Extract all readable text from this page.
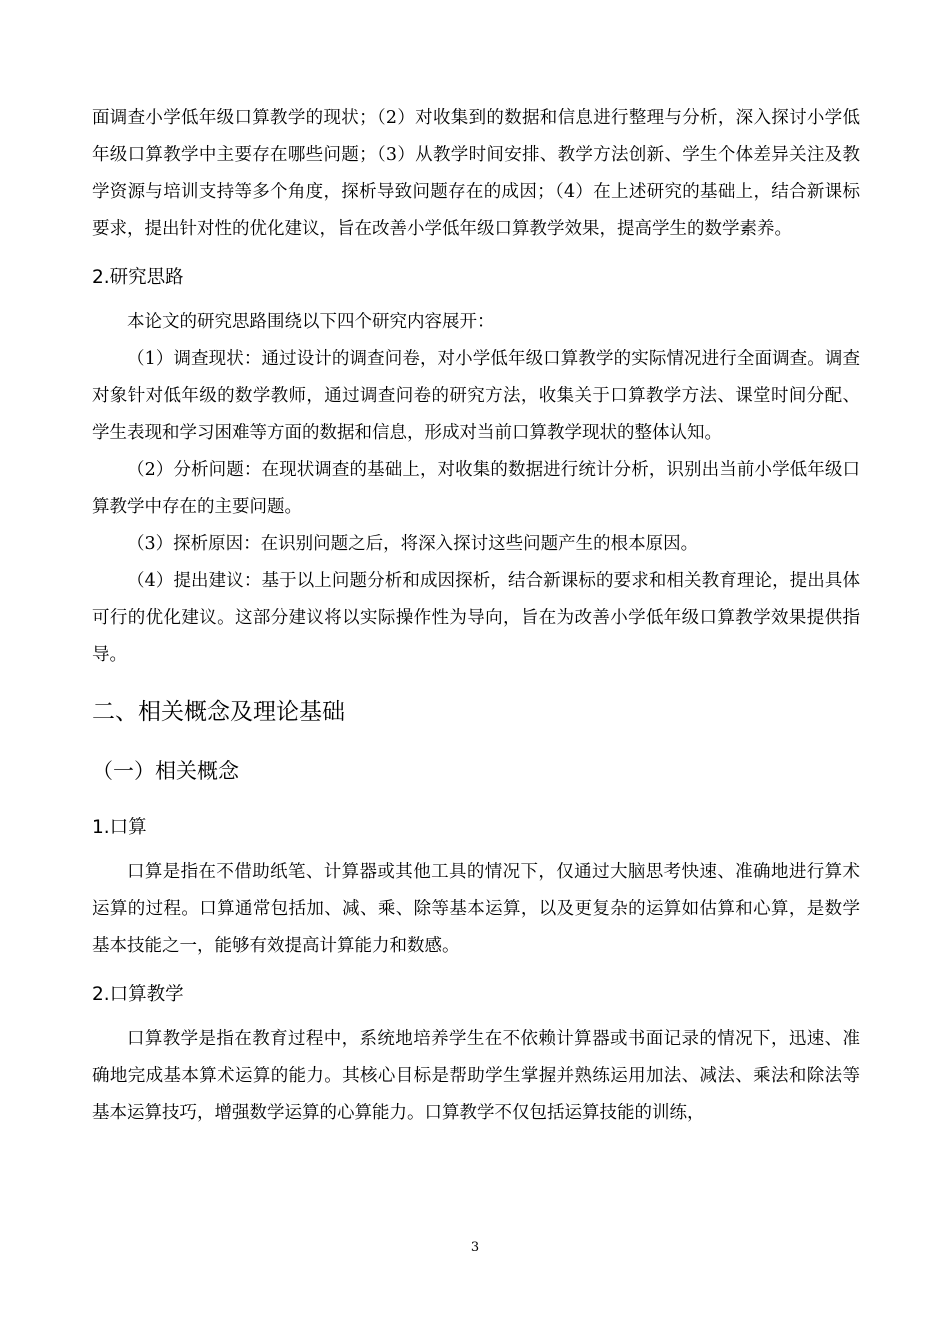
面调查小学低年级口算教学的现状；（2）对收集到的数据和信息进行整理与分析，深入探讨小学低年级口算教学中主要存在哪些问题；（3）从教学时间安排、教学方法创新、学生个体差异关注及教学资源与培训支持等多个角度，探析导致问题存在的成因；（4）在上述研究的基础上，结合新课标要求，提出针对性的优化建议，旨在改善小学低年级口算教学效果，提高学生的数学素养。

2.研究思路

本论文的研究思路围绕以下四个研究内容展开：

（1）调查现状：通过设计的调查问卷，对小学低年级口算教学的实际情况进行全面调查。调查对象针对低年级的数学教师，通过调查问卷的研究方法，收集关于口算教学方法、课堂时间分配、学生表现和学习困难等方面的数据和信息，形成对当前口算教学现状的整体认知。

（2）分析问题：在现状调查的基础上，对收集的数据进行统计分析，识别出当前小学低年级口算教学中存在的主要问题。

（3）探析原因：在识别问题之后，将深入探讨这些问题产生的根本原因。

（4）提出建议：基于以上问题分析和成因探析，结合新课标的要求和相关教育理论，提出具体可行的优化建议。这部分建议将以实际操作性为导向，旨在为改善小学低年级口算教学效果提供指导。

二、相关概念及理论基础
（一）相关概念
1.口算

口算是指在不借助纸笔、计算器或其他工具的情况下，仅通过大脑思考快速、准确地进行算术运算的过程。口算通常包括加、减、乘、除等基本运算，以及更复杂的运算如估算和心算，是数学基本技能之一，能够有效提高计算能力和数感。

2.口算教学

口算教学是指在教育过程中，系统地培养学生在不依赖计算器或书面记录的情况下，迅速、准确地完成基本算术运算的能力。其核心目标是帮助学生掌握并熟练运用加法、减法、乘法和除法等基本运算技巧，增强数学运算的心算能力。口算教学不仅包括运算技能的训练，

3
